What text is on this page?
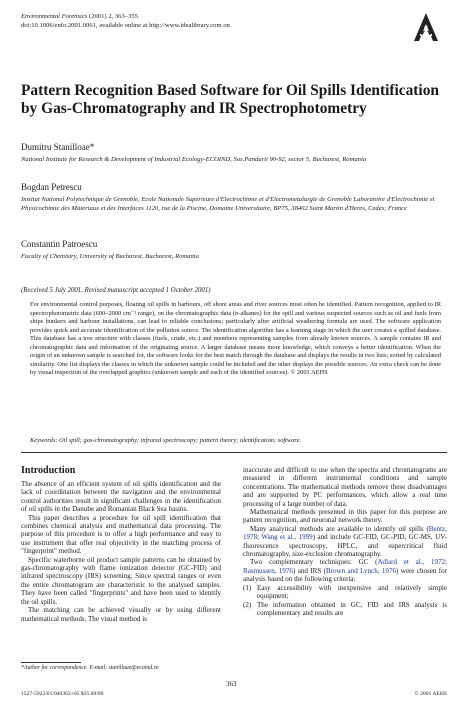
Environmental Forensics (2001) 2, 363–355
doi:10.1006/enfo.2001.0061, available online at http://www.idealibrary.com on
Pattern Recognition Based Software for Oil Spills Identification by Gas-Chromatography and IR Spectrophotometry
Dumitru Stanilloae*
National Institute for Research & Development of Industrial Ecology-ECOIND, Sos.Pandurii 90-92, sector 5, Bucharest, Romania
Bogdan Petrescu
Institut National Polytechnique de Grenoble, Ecole Nationale Superieure d'Electrochimie et d'Electrometalurgie de Grenoble Laboratoire d'Electrochimie et Physicochimie des Materiaux et des Interfaces 1120, rue de la Piscine, Domaine Universitaire, BP75, 38402 Saint Martin d'Heres, Cedex, France
Constantin Patroescu
Faculty of Chemistry, University of Bucharest, Bucharest, Romania
(Received 5 July 2001, Revised manuscript accepted 1 October 2001)
For environmental control purposes, floating oil spills in harbours, off shore areas and river sources must often be identified. Pattern recognition, applied to IR spectrophotometric data (600–2000 cm⁻¹ range), on the chromatographic data (n-alkanes) for the spill and various suspected sources such as oil and fuels from ships bunkers and harbour installations, can lead to reliable conclusions; particularly after artificial weathering formula are used. The software application provides quick and accurate identification of the pollution source. The identification algorithm has a learning stage in which the user creates a spilled database. This database has a tree structure with classes (fuels, crude, etc.) and members representing samples from already known sources. A sample contains IR and chromatographic data and information of the originating source. A larger database means more knowledge, which conveys a better identification. When the origin of an unknown sample is searched for, the software looks for the best match through the database and displays the results in two lists; sorted by calculated similarity. One list displays the classes in which the unknown sample could be included and the other displays the possible sources. An extra check can be done by visual inspection of the overlapped graphics (unknown sample and each of the identified sources). © 2001 AEHS
Keywords: Oil spill; gas-chromatography; infrared spectroscopy; pattern theory; identification; software.
Introduction

The absence of an efficient system of oil spills identification and the lack of coordination between the navigation and the environmental control authorities result in significant challenges in the identification of oil spills in the Danube and Romanian Black Sea basins.

This paper describes a procedure for oil spill identification that combines chemical analysis and mathematical data processing. The purpose of this procedure is to offer a high performance and easy to use instrument that offer real objectivity in the matching process of "fingerprint" method.

Specific waterborne oil product sample patterns can be obtained by gas-chromatography with flame ionization detector (GC-FID) and infrared spectroscopy (IRS) screening. Since spectral ranges or even the entire chromatogram are characteristic to the analysed samples. They have been called "fingerprints" and have been used to identify the oil spills.

The matching can be achieved visually or by using different mathematical methods. The visual method is

inaccurate and difficult to use when the spectra and chromatograms are measured in different instrumental conditions and sample concentrations. The mathematical methods remove these disadvantages and are supported by PC performances, which allow a real time processing of a large number of data.

Mathematical methods presented in this paper for this purpose are pattern recognition, and neuronal network theory.

Many analytical methods are available to identify oil spills (Bentz, 1978; Wang et al., 1999) and include GC-FID, GC-PID, GC-MS, UV-fluorescence spectroscopy, HPLC, and supercritical fluid chromatography, size-exclusion chromatography.

Two complementary techniques: GC (Adlard et al., 1972; Rasmussen, 1976) and IRS (Brown and Lynch, 1976) were chosen for analysis based on the following criteria:

(1) Easy accessibility with inexpensive and relatively simple equipment;
(2) The information obtained in GC, FID and IRS analysis is complementary and results are
*Author for correspondence. E-mail: stanilloae@ecoind.ro
363
1527-5922/01/040363+05 $35.00/00	© 2001 AEHS
